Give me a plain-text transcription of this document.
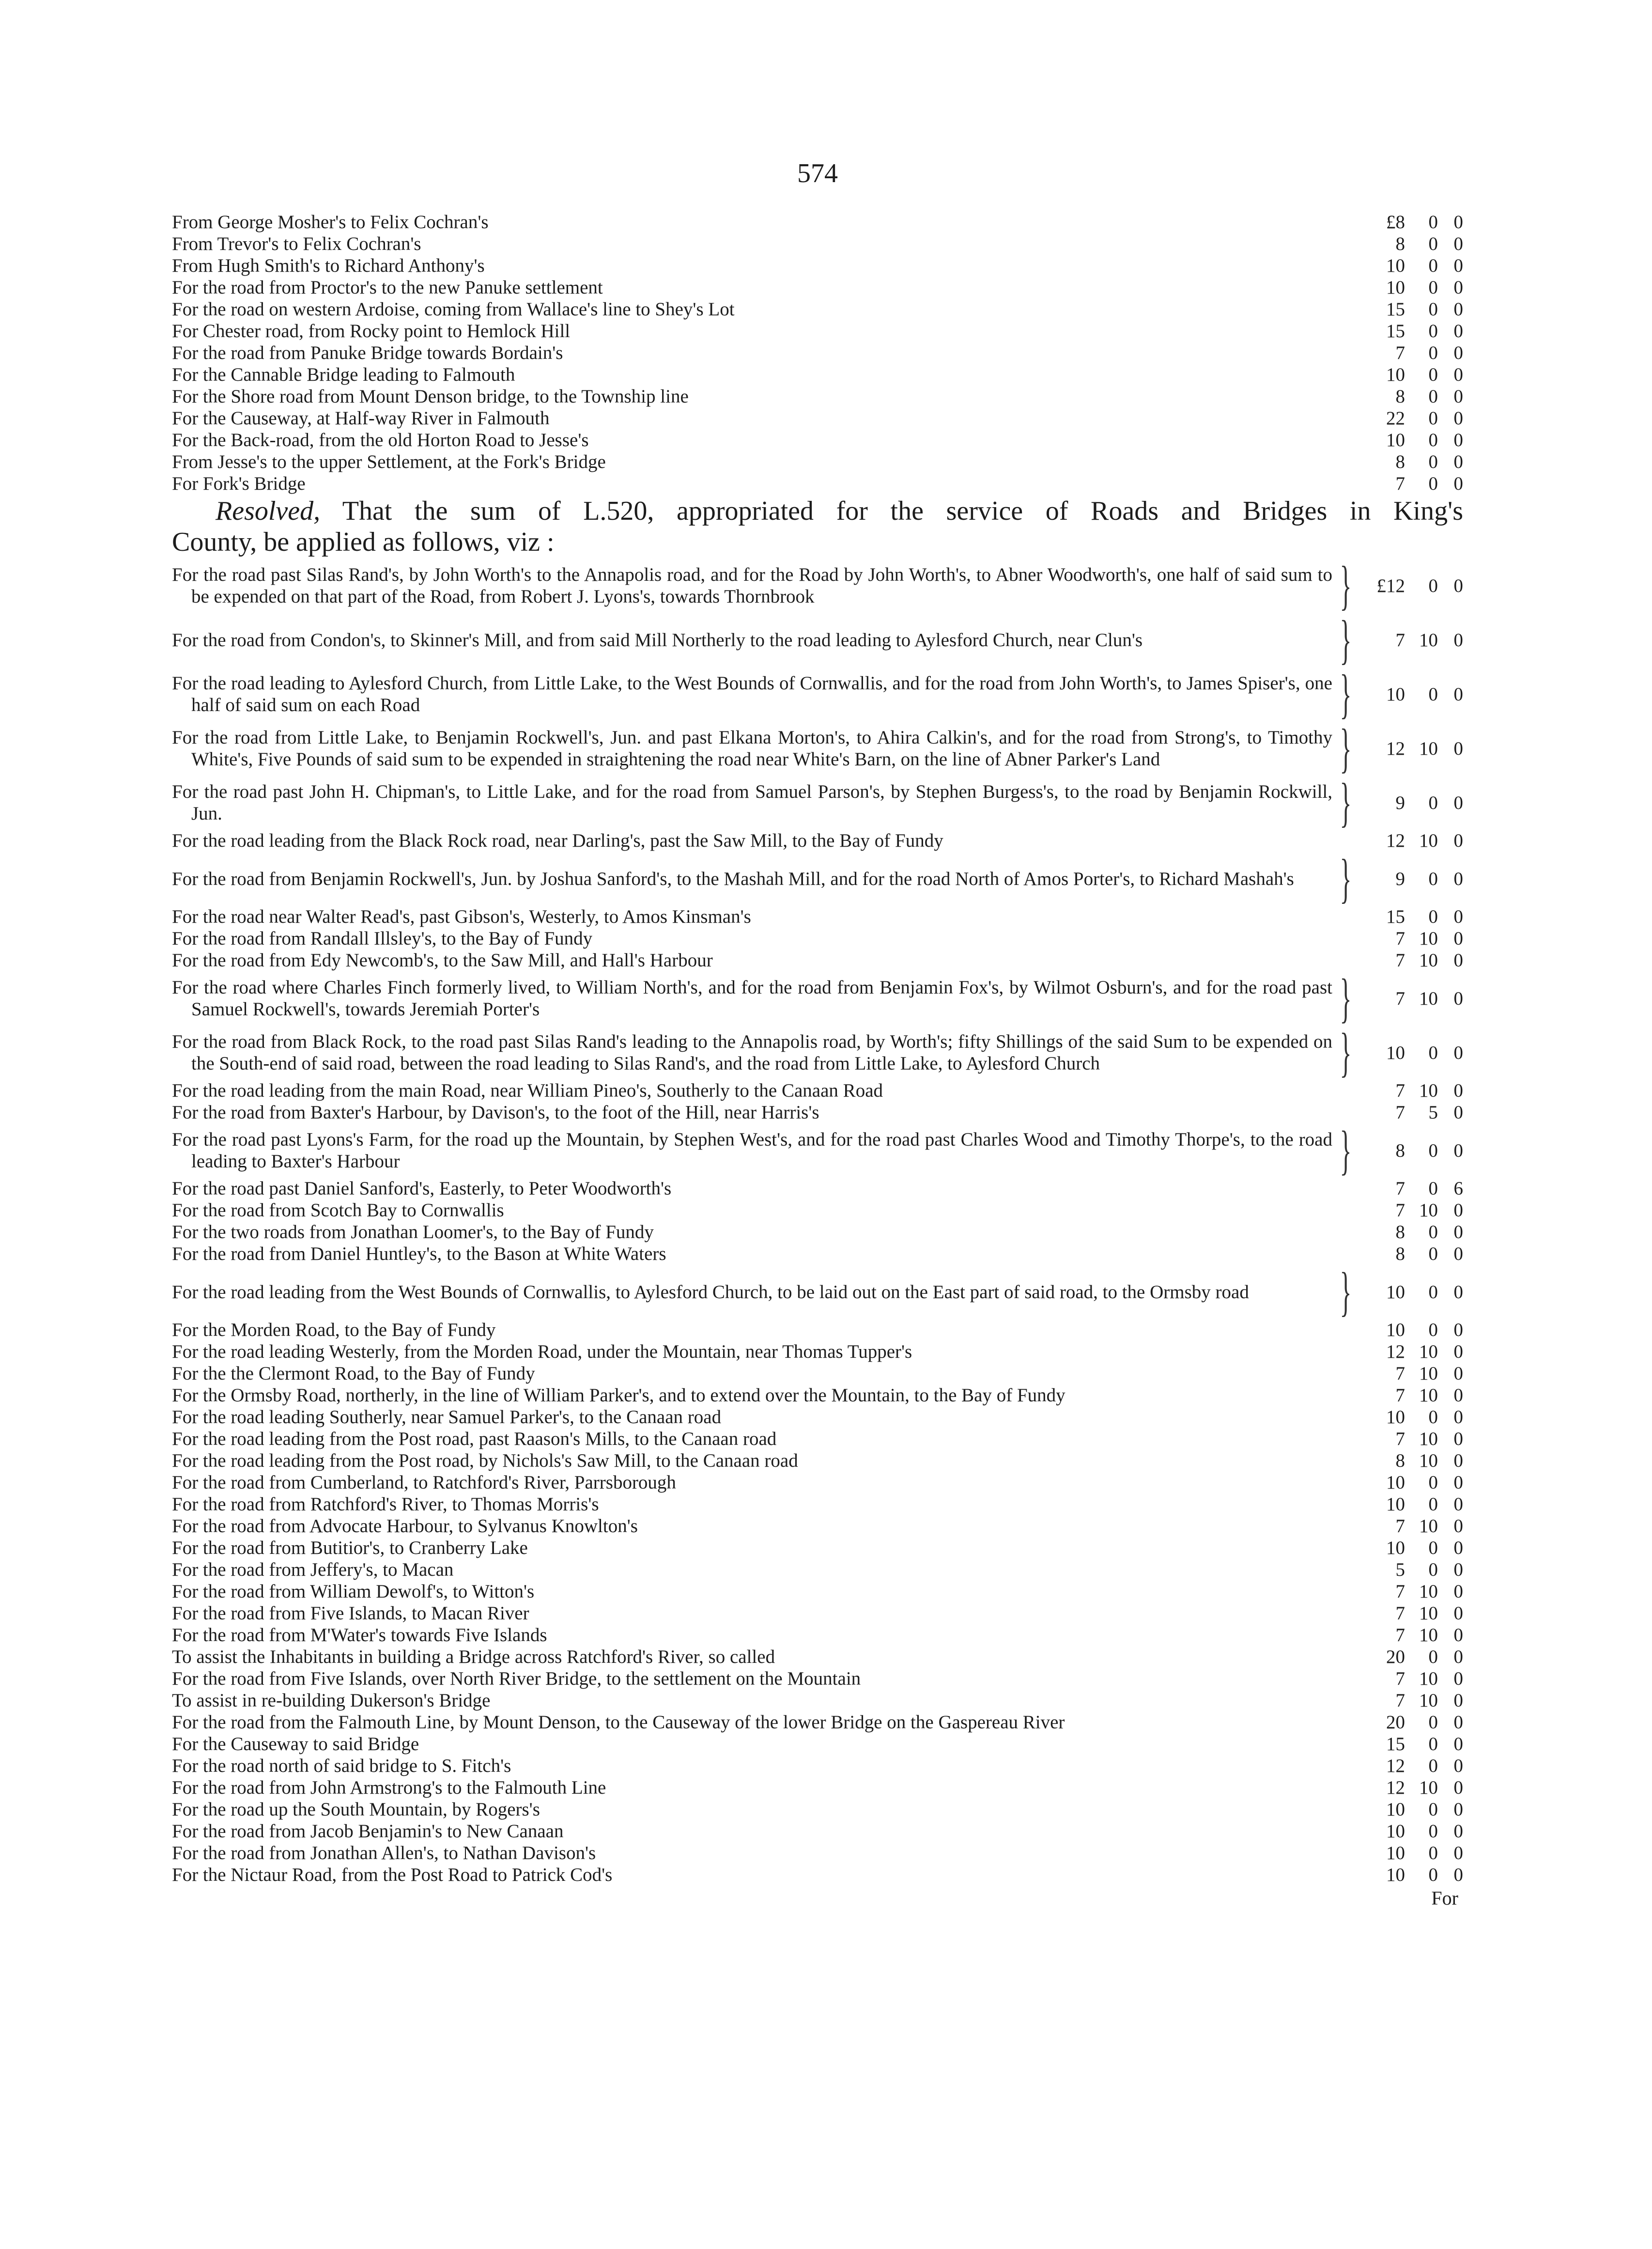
574
From George Mosher's to Felix Cochran's	£8	0 0
From Trevor's to Felix Cochran's	8	0 0
From Hugh Smith's to Richard Anthony's	10	0 0
For the road from Proctor's to the new Panuke settlement	10	0 0
For the road on western Ardoise, coming from Wallace's line to Shey's Lot	15	0 0
For Chester road, from Rocky point to Hemlock Hill	15	0 0
For the road from Panuke Bridge towards Bordain's	7	0 0
For the Cannable Bridge leading to Falmouth	10	0 0
For the Shore road from Mount Denson bridge, to the Township line	8	0 0
For the Causeway, at Half-way River in Falmouth	22	0 0
For the Back-road, from the old Horton Road to Jesse's	10	0 0
From Jesse's to the upper Settlement, at the Fork's Bridge	8	0 0
For Fork's Bridge	7	0 0
Resolved, That the sum of L.520, appropriated for the service of Roads and Bridges in King's
County, be applied as follows, viz :
For the road past Silas Rand's, by John Worth's to the Annapolis road, and for the Road by John Worth's, to Abner Woodworth's, one half of said sum to be expended on that part of the Road, from Robert J. Lyons's, towards Thornbrook	}	£12	0 0
For the road from Condon's, to Skinner's Mill, and from said Mill Northerly to the road leading to Aylesford Church, near Clun's	}	7 10 0
For the road leading to Aylesford Church, from Little Lake, to the West Bounds of Cornwallis, and for the road from John Worth's, to James Spiser's, one half of said sum on each Road	}	10	0 0
For the road from Little Lake, to Benjamin Rockwell's, Jun. and past Elkana Morton's, to Ahira Calkin's, and for the road from Strong's, to Timothy White's, Five Pounds of said sum to be expended in straightening the road near White's Barn, on the line of Abner Parker's Land	}	12 10 0
For the road past John H. Chipman's, to Little Lake, and for the road from Samuel Parson's, by Stephen Burgess's, to the road by Benjamin Rockwill, Jun.	}	9	0 0
For the road leading from the Black Rock road, near Darling's, past the Saw Mill, to the Bay of Fundy	12 10 0
For the road from Benjamin Rockwell's, Jun. by Joshua Sanford's, to the Mashah Mill, and for the road North of Amos Porter's, to Richard Mashah's }	9	0 0
For the road near Walter Read's, past Gibson's, Westerly, to Amos Kinsman's	15	0 0
For the road from Randall Illsley's, to the Bay of Fundy	7 10 0
For the road from Edy Newcomb's, to the Saw Mill, and Hall's Harbour	7 10 0
For the road where Charles Finch formerly lived, to William North's, and for the road from Benjamin Fox's, by Wilmot Osburn's, and for the road past Samuel Rockwell's, towards Jeremiah Porter's	}	7 10 0
For the road from Black Rock, to the road past Silas Rand's leading to the Annapolis road, by Worth's; fifty Shillings of the said Sum to be expended on the South-end of said road, between the road leading to Silas Rand's, and the road from Little Lake, to Aylesford Church	}	10	0 0
For the road leading from the main Road, near William Pineo's, Southerly to the Canaan Road	7 10 0
For the road from Baxter's Harbour, by Davison's, to the foot of the Hill, near Harris's	7	5 0
For the road past Lyons's Farm, for the road up the Mountain, by Stephen West's, and for the road past Charles Wood and Timothy Thorpe's, to the road leading to Baxter's Harbour	}	8	0 0
For the road past Daniel Sanford's, Easterly, to Peter Woodworth's	7	0 6
For the road from Scotch Bay to Cornwallis	7 10 0
For the two roads from Jonathan Loomer's, to the Bay of Fundy	8	0 0
For the road from Daniel Huntley's, to the Bason at White Waters	8	0 0
For the road leading from the West Bounds of Cornwallis, to Aylesford Church, to be laid out on the East part of said road, to the Ormsby road	}	10	0 0
For the Morden Road, to the Bay of Fundy	10	0 0
For the road leading Westerly, from the Morden Road, under the Mountain, near Thomas Tupper's	12 10 0
For the the Clermont Road, to the Bay of Fundy	7 10 0
For the Ormsby Road, northerly, in the line of William Parker's, and to extend over the Mountain, to the Bay of Fundy	7 10 0
For the road leading Southerly, near Samuel Parker's, to the Canaan road	10	0 0
For the road leading from the Post road, past Raason's Mills, to the Canaan road	7 10 0
For the road leading from the Post road, by Nichols's Saw Mill, to the Canaan road	8 10 0
For the road from Cumberland, to Ratchford's River, Parrsborough	10	0 0
For the road from Ratchford's River, to Thomas Morris's	10	0 0
For the road from Advocate Harbour, to Sylvanus Knowlton's	7 10 0
For the road from Butitior's, to Cranberry Lake	10	0 0
For the road from Jeffery's, to Macan	5	0 0
For the road from William Dewolf's, to Witton's	7 10 0
For the road from Five Islands, to Macan River	7 10 0
For the road from M'Water's towards Five Islands	7 10 0
To assist the Inhabitants in building a Bridge across Ratchford's River, so called	20	0 0
For the road from Five Islands, over North River Bridge, to the settlement on the Mountain	7 10 0
To assist in re-building Dukerson's Bridge	7 10 0
For the road from the Falmouth Line, by Mount Denson, to the Causeway of the lower Bridge on the Gaspereau River	20	0 0
For the Causeway to said Bridge	15	0 0
For the road north of said bridge to S. Fitch's	12	0 0
For the road from John Armstrong's to the Falmouth Line	12 10 0
For the road up the South Mountain, by Rogers's	10	0 0
For the road from Jacob Benjamin's to New Canaan	10	0 0
For the road from Jonathan Allen's, to Nathan Davison's	10	0 0
For the Nictaur Road, from the Post Road to Patrick Cod's	10	0 0
For
